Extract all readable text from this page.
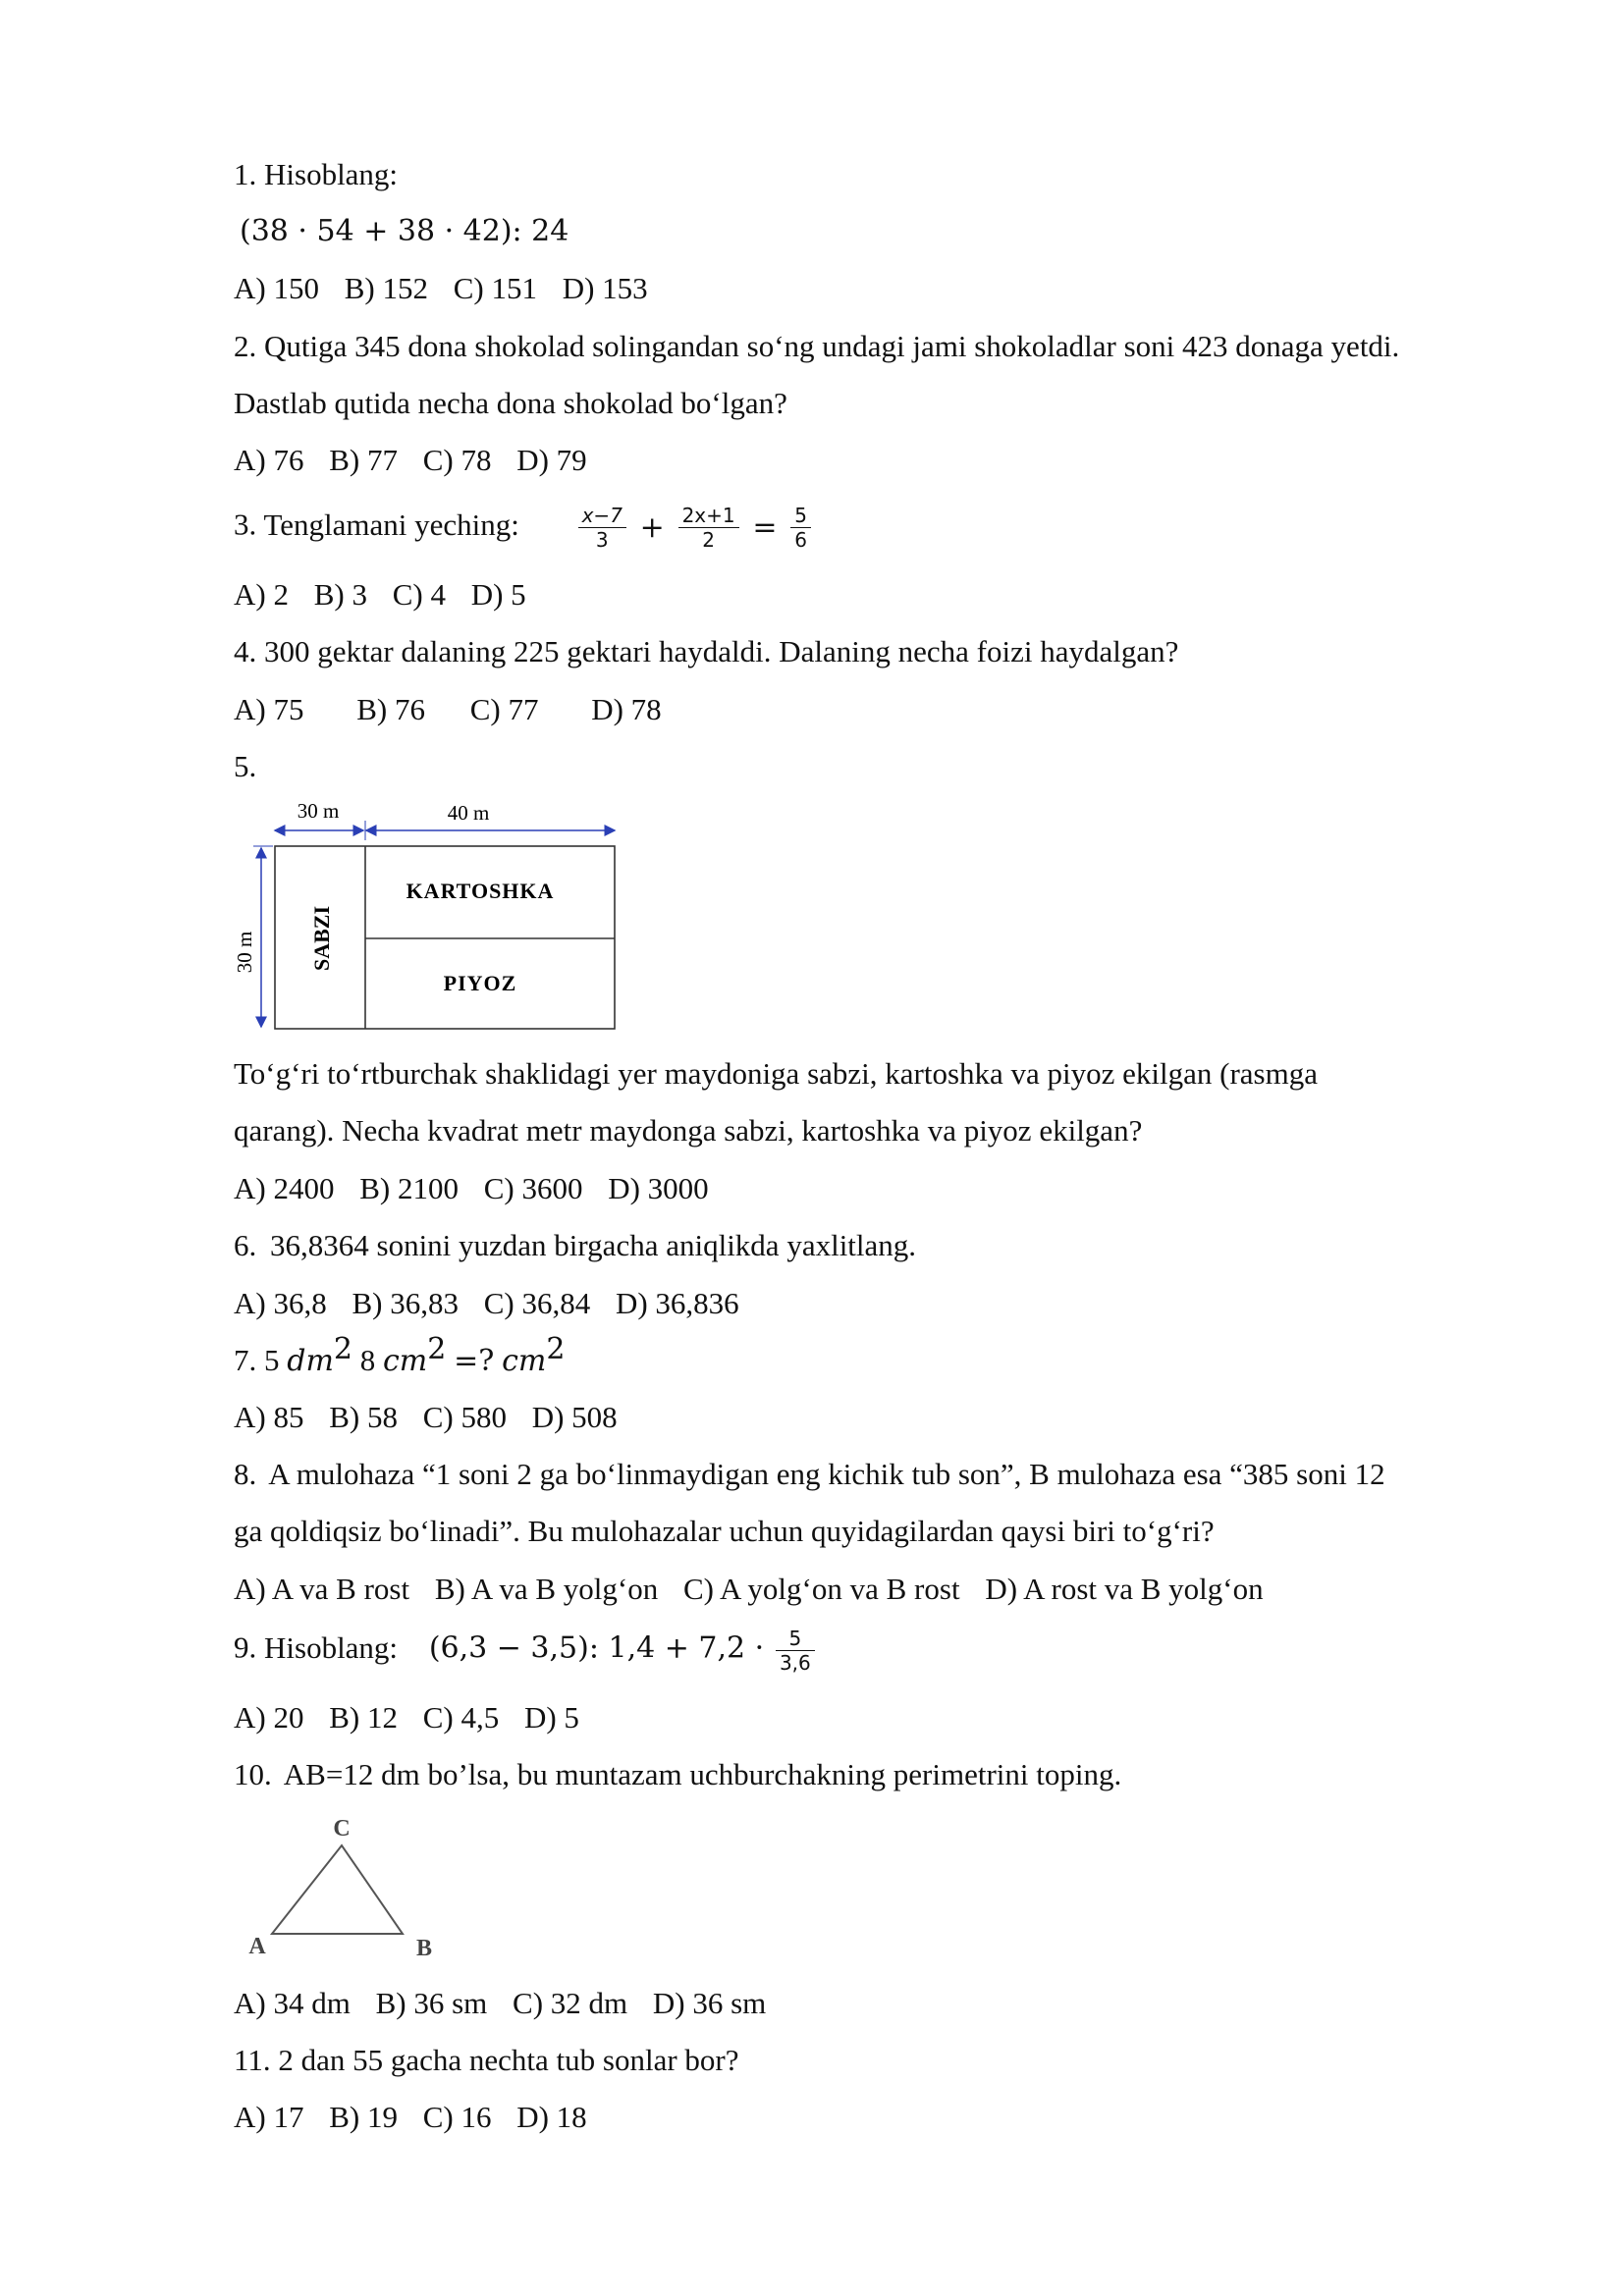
1. Hisoblang:
(38 · 54 + 38 · 42): 24
A) 150 B) 152 C) 151 D) 153
2. Qutiga 345 dona shokolad solingandan so‘ng undagi jami shokoladlar soni 423 donaga yetdi.
Dastlab qutida necha dona shokolad bo‘lgan?
A) 76 B) 77 C) 78 D) 79
3. Tenglamani yeching:	$\frac{x-7}{3} + \frac{2x+1}{2} = \frac{5}{6}$
A) 2 B) 3 C) 4 D) 5
4. 300 gektar dalaning 225 gektari haydaldi. Dalaning necha foizi haydalgan?
A) 75 B) 76 C) 77 D) 78
5.
30 m	40 m
30 m SABZI
KARTOSHKA
PIYOZ
To‘g‘ri to‘rtburchak shaklidagi yer maydoniga sabzi, kartoshka va piyoz ekilgan (rasmga
qarang). Necha kvadrat metr maydonga sabzi, kartoshka va piyoz ekilgan?
A) 2400 B) 2100 C) 3600 D) 3000
6. 36,8364 sonini yuzdan birgacha aniqlikda yaxlitlang.
A) 36,8 B) 36,83 C) 36,84 D) 36,836
7. 5 $dm^2$ 8 $cm^2$ =? $cm^2$
A) 85 B) 58 C) 580 D) 508
8. A mulohaza “1 soni 2 ga bo‘linmaydigan eng kichik tub son”, B mulohaza esa “385 soni 12
ga qoldiqsiz bo‘linadi”. Bu mulohazalar uchun quyidagilardan qaysi biri to‘g‘ri?
A) A va B rost B) A va B yolg‘on C) A yolg‘on va B rost D) A rost va B yolg‘on
9. Hisoblang: (6,3 − 3,5): $1,4 + 7,2 \cdot \frac{5}{3,6}$
A) 20 B) 12 C) 4,5 D) 5
10. AB=12 dm bo’lsa, bu muntazam uchburchakning perimetrini toping.
C
A	B
A) 34 dm B) 36 sm C) 32 dm D) 36 sm
11. 2 dan 55 gacha nechta tub sonlar bor?
A) 17 B) 19 C) 16 D) 18
